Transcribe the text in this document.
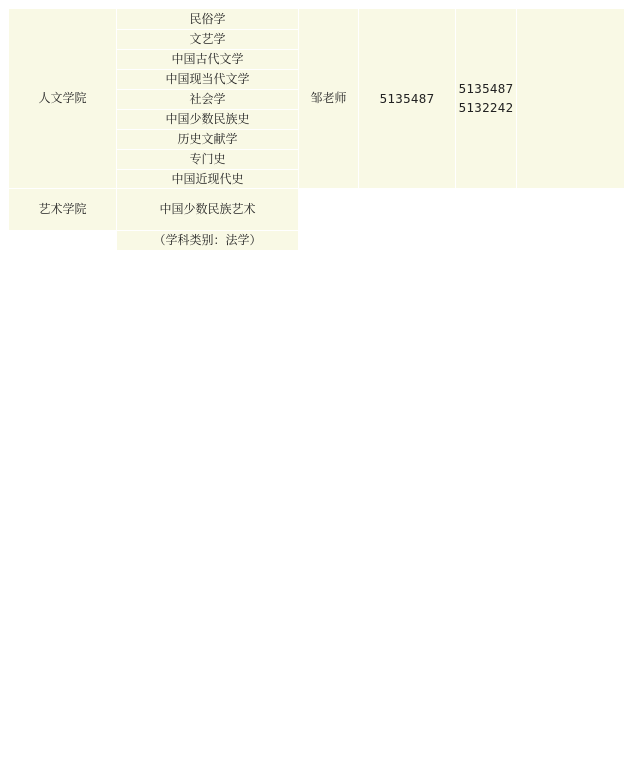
人文学院
民俗学
文艺学
中国古代文学
中国现当代文学
社会学
中国少数民族史
历史文献学
专门史
中国近现代史
邹老师	5135487
5135487
5132242
艺术学院	中国少数民族艺术
（学科类别：法学）
